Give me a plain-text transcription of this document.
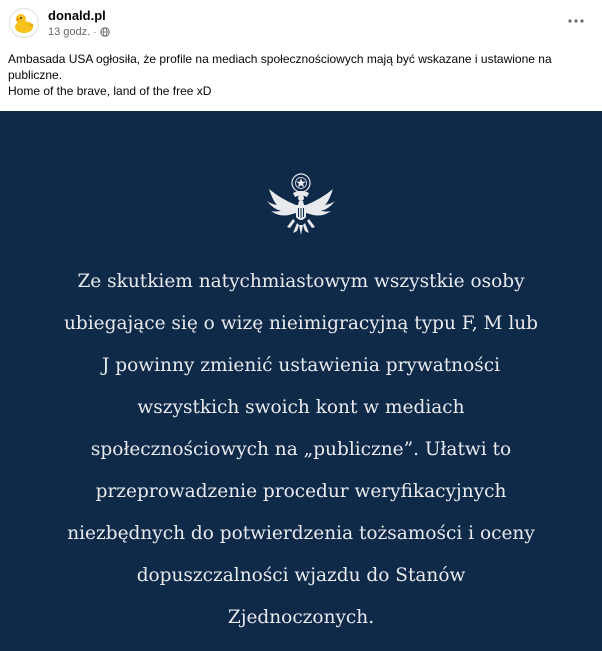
donald.pl
13 godz. ·

Ambasada USA ogłosiła, że profile na mediach społecznościowych mają być wskazane i ustawione na publiczne.

Home of the brave, land of the free xD

Ze skutkiem natychmiastowym wszystkie osoby
ubiegające się o wizę nieimigracyjną typu F, M lub
J powinny zmienić ustawienia prywatności
wszystkich swoich kont w mediach
społecznościowych na „publiczne”. Ułatwi to
przeprowadzenie procedur weryfikacyjnych
niezbędnych do potwierdzenia tożsamości i oceny
dopuszczalności wjazdu do Stanów
Zjednoczonych.
